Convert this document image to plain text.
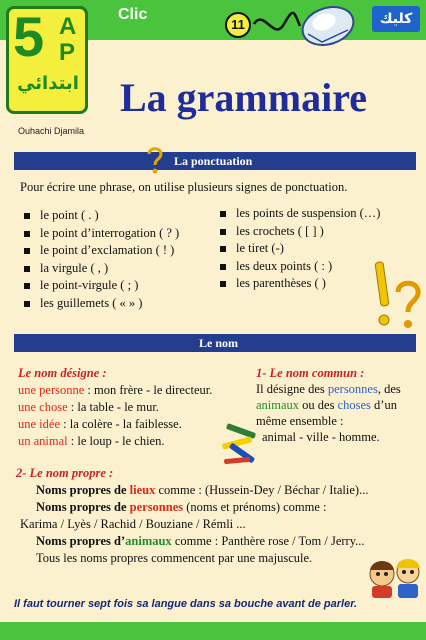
5 A
P
ابتدائي
Clic
11	كليك
La grammaire
Ouhachi Djamila
La ponctuation

Pour écrire une phrase, on utilise plusieurs signes de ponctuation.

le point ( . )
le point d’interrogation ( ? )
le point d’exclamation ( ! )
la virgule ( , )
le point-virgule ( ; )
les guillemets ( « » )
les points de suspension (…)
les crochets ( [ ] )
le tiret (-)
les deux points ( : )
les parenthèses ( )
Le nom
Le nom désigne :
une personne : mon frère - le directeur.
une chose : la table - le mur.
une idée : la colère - la faiblesse.
un animal : le loup - le chien.
1- Le nom commun :
Il désigne des personnes, des
animaux ou des choses d’un
même ensemble :
animal - ville - homme.
2- Le nom propre :
Noms propres de lieux comme : (Hussein-Dey / Béchar / Italie)...
Noms propres de personnes (noms et prénoms) comme :
Karima / Lyès / Rachid / Bouziane / Rémli ...
Noms propres d’animaux comme : Panthère rose / Tom / Jerry...
Tous les noms propres commencent par une majuscule.

Il faut tourner sept fois sa langue dans sa bouche avant de parler.
